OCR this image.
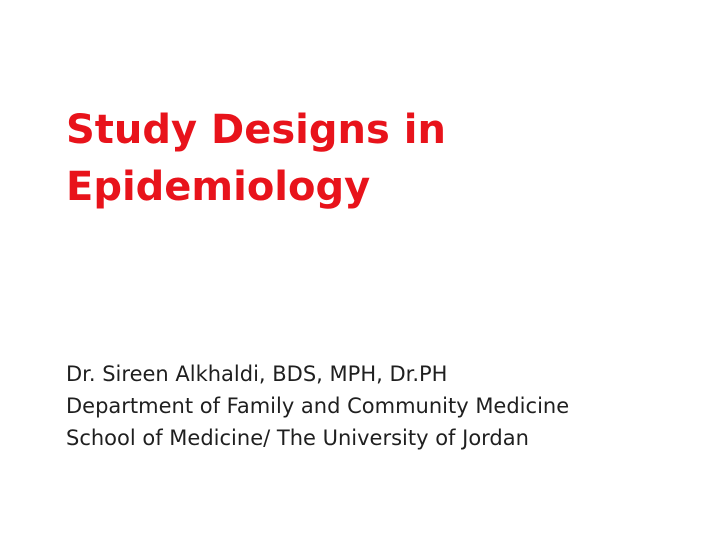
Study Designs in
Epidemiology
Dr. Sireen Alkhaldi, BDS, MPH, Dr.PH
Department of Family and Community Medicine
School of Medicine/ The University of Jordan
